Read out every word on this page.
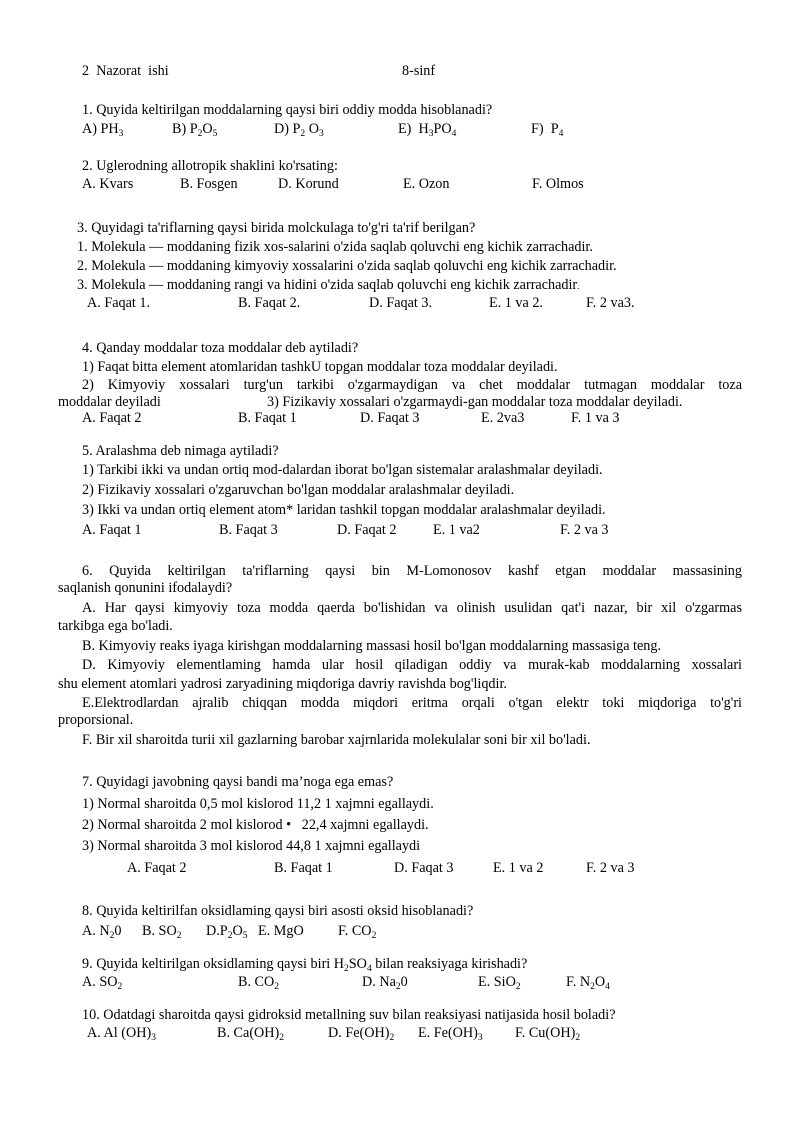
2  Nazorat  ishi	8-sinf
1. Quyida keltirilgan moddalarning qaysi biri oddiy modda hisoblanadi?
A) $PH_3$	B) $P_2O_5$	D) $P_2$ $O_3$	E)  $H_3PO_4$	F)  $P_4$
2. Uglerodning allotropik shaklini ko'rsating:
A. Kvars	B. Fosgen	D. Korund	E. Ozon	F. Olmos
3. Quyidagi ta'riflarning qaysi birida molckulaga to'g'ri ta'rif berilgan?
1. Molekula — moddaning fizik xos-salarini o'zida saqlab qoluvchi eng kichik zarrachadir.
2. Molekula — moddaning kimyoviy xossalarini o'zida saqlab qoluvchi eng kichik zarrachadir.
3. Molekula — moddaning rangi va hidini o'zida saqlab qoluvchi eng kichik zarrachadir.
A. Faqat 1.	B. Faqat 2.	D. Faqat 3.	E. 1 va 2.	F. 2 va3.
4. Qanday moddalar toza moddalar deb aytiladi?
1) Faqat bitta element atomlaridan tashkU topgan moddalar toza moddalar deyiladi.
2) Kimyoviy xossalari turg'un tarkibi o'zgarmaydigan va chet moddalar tutmagan moddalar toza
moddalar deyiladi	3) Fizikaviy xossalari o'zgarmaydi-gan moddalar toza moddalar deyiladi.
A. Faqat 2	B. Faqat 1	D. Faqat 3	E. 2va3	F. 1 va 3
5. Aralashma deb nimaga aytiladi?
1) Tarkibi ikki va undan ortiq mod-dalardan iborat bo'lgan sistemalar aralashmalar deyiladi.
2) Fizikaviy xossalari o'zgaruvchan bo'lgan moddalar aralashmalar deyiladi.
3) Ikki va undan ortiq element atom* laridan tashkil topgan moddalar aralashmalar deyiladi.
A. Faqat 1	B. Faqat 3	D. Faqat 2	E. 1 va2	F. 2 va 3
6. Quyida keltirilgan ta'riflarning qaysi bin M-Lomonosov kashf etgan moddalar massasining
saqlanish qonunini ifodalaydi?
A. Har qaysi kimyoviy toza modda qaerda bo'lishidan va olinish usulidan qat'i nazar, bir xil o'zgarmas
tarkibga ega bo'ladi.
B. Kimyoviy reaks iyaga kirishgan moddalarning massasi hosil bo'lgan moddalarning massasiga teng.
D. Kimyoviy elementlaming hamda ular hosil qiladigan oddiy va murak-kab moddalarning xossalari
shu element atomlari yadrosi zaryadining miqdoriga davriy ravishda bog'liqdir.
E.Elektrodlardan ajralib chiqqan modda miqdori eritma orqali o'tgan elektr toki miqdoriga to'g'ri
proporsional.
F. Bir xil sharoitda turii xil gazlarning barobar xajrnlarida molekulalar soni bir xil bo'ladi.
7. Quyidagi javobning qaysi bandi ma’noga ega emas?
1) Normal sharoitda 0,5 mol kislorod 11,2 1 xajmni egallaydi.
2) Normal sharoitda 2 mol kislorod •   22,4 xajmni egallaydi.
3) Normal sharoitda 3 mol kislorod 44,8 1 xajmni egallaydi
A. Faqat 2	B. Faqat 1	D. Faqat 3	E. 1 va 2	F. 2 va 3
8. Quyida keltirilfan oksidlaming qaysi biri asosti oksid hisoblanadi?
A. $N_20$ B. $SO_2$ $D.P_2O_5$ E. MgO F. $CO_2$
9. Quyida keltirilgan oksidlaming qaysi biri $H_2SO_4$ bilan reaksiyaga kirishadi?
A. $SO_2$	B. $CO_2$	D. $Na_20$	E. SiO$_2$	F. $N_2O_4$
10. Odatdagi sharoitda qaysi gidroksid metallning suv bilan reaksiyasi natijasida hosil boladi?
A. Al $(OH)_3$	B. $Ca(OH)_2$	D. $Fe(OH)_2$ E. $Fe(OH)_3$ F. $Cu(OH)_2$
